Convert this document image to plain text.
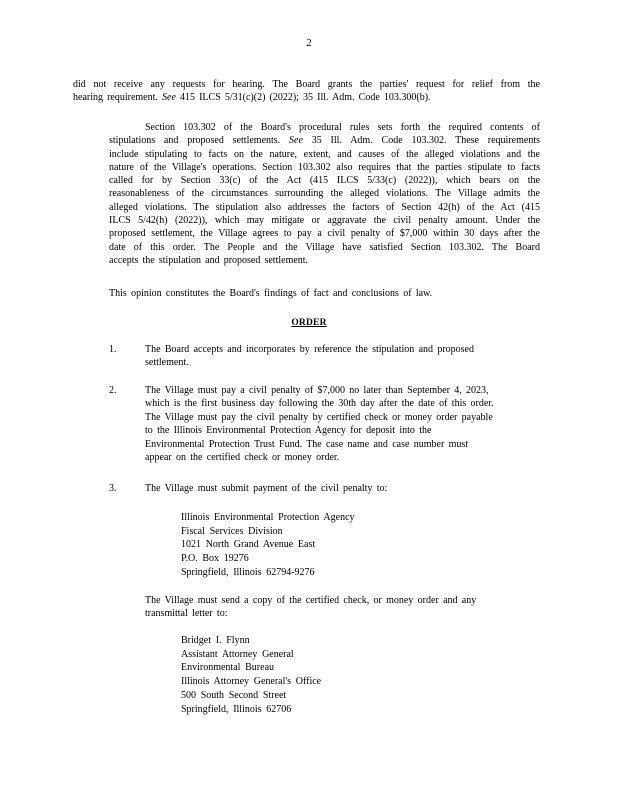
2
did not receive any requests for hearing. The Board grants the parties' request for relief from the
hearing requirement. See 415 ILCS 5/31(c)(2) (2022); 35 Ill. Adm. Code 103.300(b).
Section 103.302 of the Board's procedural rules sets forth the required contents of
stipulations and proposed settlements. See 35 Ill. Adm. Code 103.302. These requirements
include stipulating to facts on the nature, extent, and causes of the alleged violations and the
nature of the Village's operations. Section 103.302 also requires that the parties stipulate to facts
called for by Section 33(c) of the Act (415 ILCS 5/33(c) (2022)), which bears on the
reasonableness of the circumstances surrounding the alleged violations. The Village admits the
alleged violations. The stipulation also addresses the factors of Section 42(h) of the Act (415
ILCS 5/42(h) (2022)), which may mitigate or aggravate the civil penalty amount. Under the
proposed settlement, the Village agrees to pay a civil penalty of $7,000 within 30 days after the
date of this order. The People and the Village have satisfied Section 103.302. The Board
accepts the stipulation and proposed settlement.

This opinion constitutes the Board's findings of fact and conclusions of law.

ORDER
1.	The Board accepts and incorporates by reference the stipulation and proposed
settlement.
2.	The Village must pay a civil penalty of $7,000 no later than September 4, 2023,
which is the first business day following the 30th day after the date of this order.
The Village must pay the civil penalty by certified check or money order payable
to the Illinois Environmental Protection Agency for deposit into the
Environmental Protection Trust Fund. The case name and case number must
appear on the certified check or money order.
3.	The Village must submit payment of the civil penalty to:
Illinois Environmental Protection Agency
Fiscal Services Division
1021 North Grand Avenue East
P.O. Box 19276
Springfield, Illinois 62794-9276
The Village must send a copy of the certified check, or money order and any
transmittal letter to:
Bridget I. Flynn
Assistant Attorney General
Environmental Bureau
Illinois Attorney General's Office
500 South Second Street
Springfield, Illinois 62706
